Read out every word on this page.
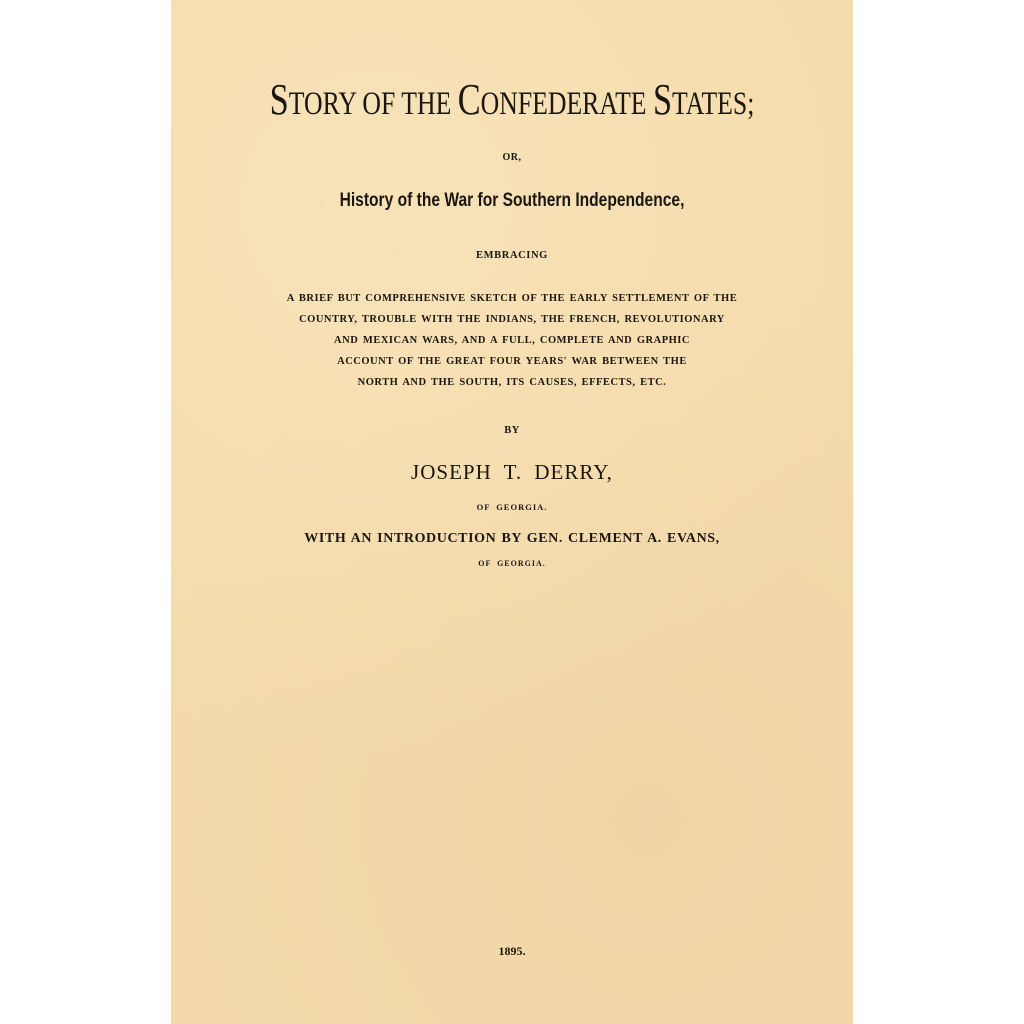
STORY OF THE CONFEDERATE STATES;
OR,
History of the War for Southern Independence,
EMBRACING
A BRIEF BUT COMPREHENSIVE SKETCH OF THE EARLY SETTLEMENT OF THE
COUNTRY, TROUBLE WITH THE INDIANS, THE FRENCH, REVOLUTIONARY
AND MEXICAN WARS, AND A FULL, COMPLETE AND GRAPHIC
ACCOUNT OF THE GREAT FOUR YEARS' WAR BETWEEN THE
NORTH AND THE SOUTH, ITS CAUSES, EFFECTS, ETC.
BY
JOSEPH T. DERRY,
OF GEORGIA.
WITH AN INTRODUCTION BY GEN. CLEMENT A. EVANS,
OF GEORGIA.
1895.
